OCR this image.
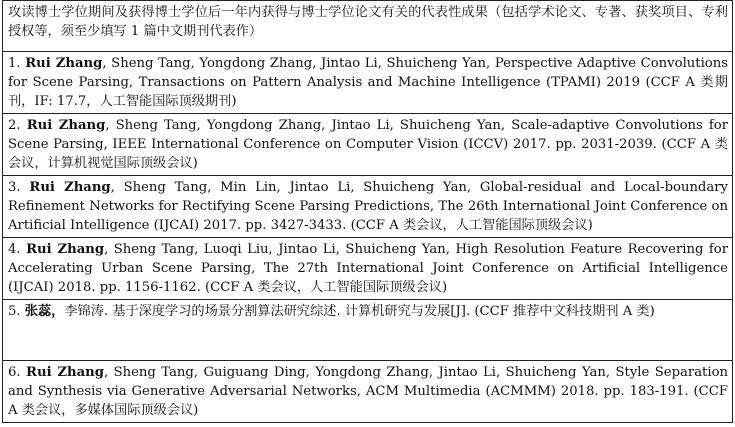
攻读博士学位期间及获得博士学位后一年内获得与博士学位论文有关的代表性成果（包括学术论文、专著、获奖项目、专利授权等，须至少填写 1 篇中文期刊代表作）
1. Rui Zhang, Sheng Tang, Yongdong Zhang, Jintao Li, Shuicheng Yan, Perspective Adaptive Convolutions for Scene Parsing, Transactions on Pattern Analysis and Machine Intelligence (TPAMI) 2019 (CCF A 类期刊，IF: 17.7，人工智能国际顶级期刊)
2. Rui Zhang, Sheng Tang, Yongdong Zhang, Jintao Li, Shuicheng Yan, Scale-adaptive Convolutions for Scene Parsing, IEEE International Conference on Computer Vision (ICCV) 2017. pp. 2031-2039. (CCF A 类会议，计算机视觉国际顶级会议)
3. Rui Zhang, Sheng Tang, Min Lin, Jintao Li, Shuicheng Yan, Global-residual and Local-boundary Refinement Networks for Rectifying Scene Parsing Predictions, The 26th International Joint Conference on Artificial Intelligence (IJCAI) 2017. pp. 3427-3433. (CCF A 类会议，人工智能国际顶级会议)
4. Rui Zhang, Sheng Tang, Luoqi Liu, Jintao Li, Shuicheng Yan, High Resolution Feature Recovering for Accelerating Urban Scene Parsing, The 27th International Joint Conference on Artificial Intelligence (IJCAI) 2018. pp. 1156-1162. (CCF A 类会议，人工智能国际顶级会议)
5. 张蕊，李锦涛. 基于深度学习的场景分割算法研究综述. 计算机研究与发展[J]. (CCF 推荐中文科技期刊 A 类)
6. Rui Zhang, Sheng Tang, Guiguang Ding, Yongdong Zhang, Jintao Li, Shuicheng Yan, Style Separation and Synthesis via Generative Adversarial Networks, ACM Multimedia (ACMMM) 2018. pp. 183-191. (CCF A 类会议，多媒体国际顶级会议)
